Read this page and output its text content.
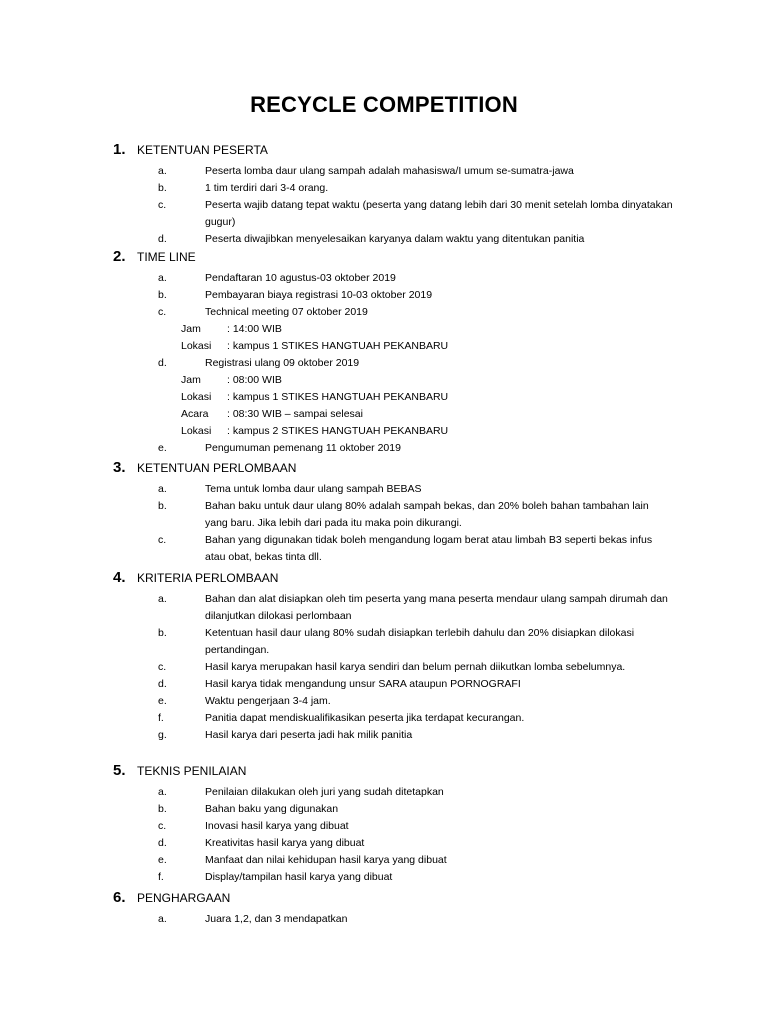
RECYCLE COMPETITION
1. KETENTUAN PESERTA
a.	Peserta lomba daur ulang sampah adalah mahasiswa/I umum se-sumatra-jawa
b.	1 tim terdiri dari 3-4 orang.
c.	Peserta wajib datang tepat waktu (peserta yang datang lebih dari 30 menit setelah lomba dinyatakan gugur)
d.	Peserta diwajibkan menyelesaikan karyanya dalam waktu yang ditentukan panitia
2. TIME LINE
a.	Pendaftaran 10 agustus-03 oktober 2019
b.	Pembayaran biaya registrasi 10-03 oktober 2019
c.	Technical meeting 07 oktober 2019
Jam	: 14:00 WIB
Lokasi	: kampus 1 STIKES HANGTUAH PEKANBARU
d.	Registrasi ulang 09 oktober 2019
Jam	: 08:00 WIB
Lokasi	: kampus 1 STIKES HANGTUAH PEKANBARU
Acara	: 08:30 WIB – sampai selesai
Lokasi	: kampus 2 STIKES HANGTUAH PEKANBARU
e.	Pengumuman pemenang 11 oktober 2019
3. KETENTUAN PERLOMBAAN
a.	Tema untuk lomba daur ulang sampah BEBAS
b.	Bahan baku untuk daur ulang 80% adalah sampah bekas, dan 20% boleh bahan tambahan lain yang baru. Jika lebih dari pada itu maka poin dikurangi.
c.	Bahan yang digunakan tidak boleh mengandung logam berat atau limbah B3 seperti bekas infus atau obat, bekas tinta dll.
4. KRITERIA PERLOMBAAN
a.	Bahan dan alat disiapkan oleh tim peserta yang mana peserta mendaur ulang sampah dirumah dan dilanjutkan dilokasi perlombaan
b.	Ketentuan hasil daur ulang 80% sudah disiapkan terlebih dahulu dan 20% disiapkan dilokasi pertandingan.
c.	Hasil karya merupakan hasil karya sendiri dan belum pernah diikutkan lomba sebelumnya.
d.	Hasil karya tidak mengandung unsur SARA ataupun PORNOGRAFI
e.	Waktu pengerjaan 3-4 jam.
f.	Panitia dapat mendiskualifikasikan peserta jika terdapat kecurangan.
g.	Hasil karya dari peserta jadi hak milik panitia
5. TEKNIS PENILAIAN
a.	Penilaian dilakukan oleh juri yang sudah ditetapkan
b.	Bahan baku yang digunakan
c.	Inovasi hasil karya yang dibuat
d.	Kreativitas hasil karya yang dibuat
e.	Manfaat dan nilai kehidupan hasil karya yang dibuat
f.	Display/tampilan hasil karya yang dibuat
6. PENGHARGAAN
a.	Juara 1,2, dan 3 mendapatkan
